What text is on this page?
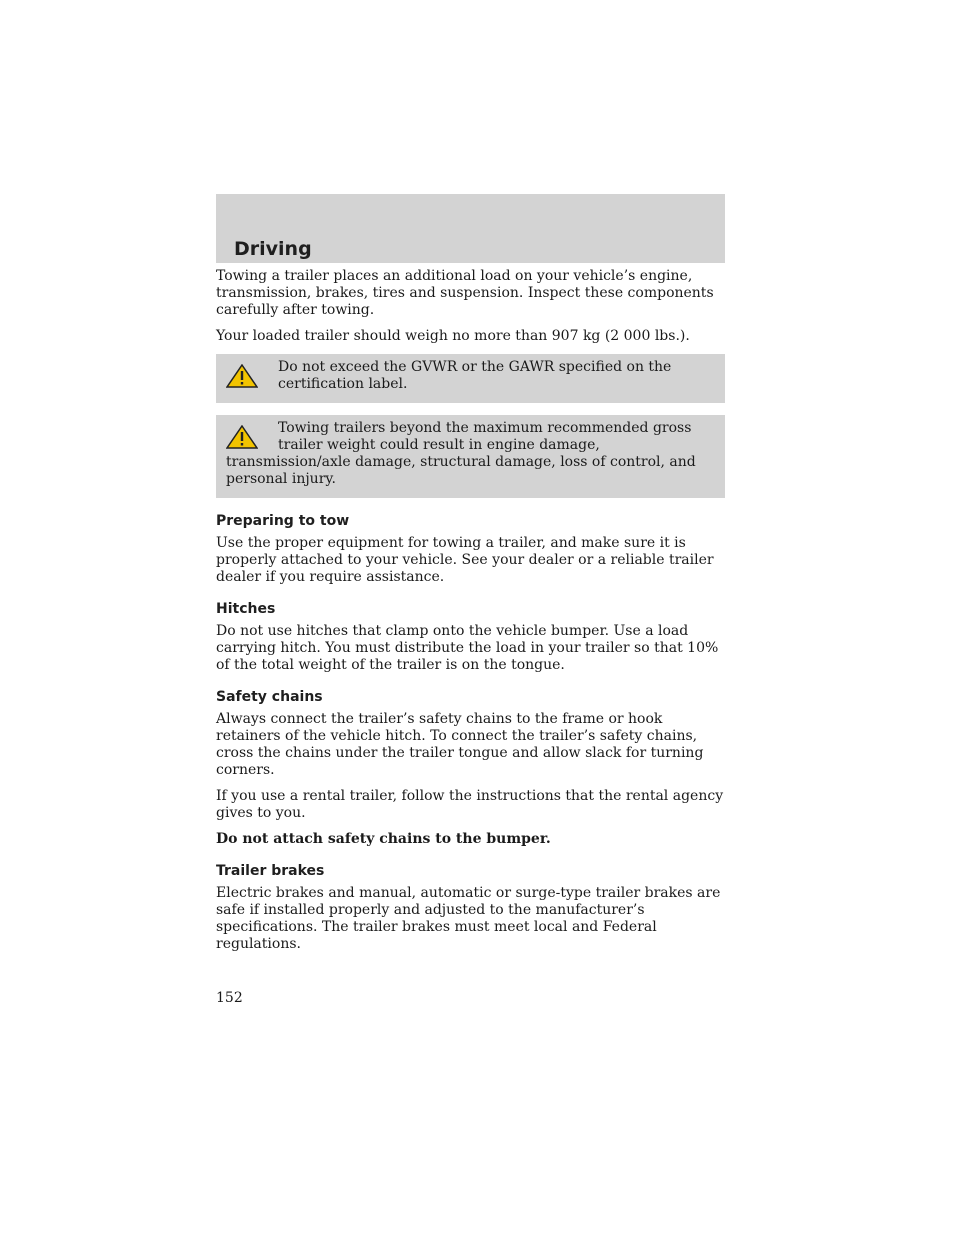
Driving

Towing a trailer places an additional load on your vehicle’s engine, transmission, brakes, tires and suspension. Inspect these components carefully after towing.

Your loaded trailer should weigh no more than 907 kg (2 000 lbs.).

Do not exceed the GVWR or the GAWR specified on the certification label.
Towing trailers beyond the maximum recommended gross trailer weight could result in engine damage, transmission/axle damage, structural damage, loss of control, and personal injury.
Preparing to tow

Use the proper equipment for towing a trailer, and make sure it is properly attached to your vehicle. See your dealer or a reliable trailer dealer if you require assistance.

Hitches

Do not use hitches that clamp onto the vehicle bumper. Use a load carrying hitch. You must distribute the load in your trailer so that 10% of the total weight of the trailer is on the tongue.

Safety chains

Always connect the trailer’s safety chains to the frame or hook retainers of the vehicle hitch. To connect the trailer’s safety chains, cross the chains under the trailer tongue and allow slack for turning corners.

If you use a rental trailer, follow the instructions that the rental agency gives to you.

Do not attach safety chains to the bumper.

Trailer brakes

Electric brakes and manual, automatic or surge-type trailer brakes are safe if installed properly and adjusted to the manufacturer’s specifications. The trailer brakes must meet local and Federal regulations.

152
